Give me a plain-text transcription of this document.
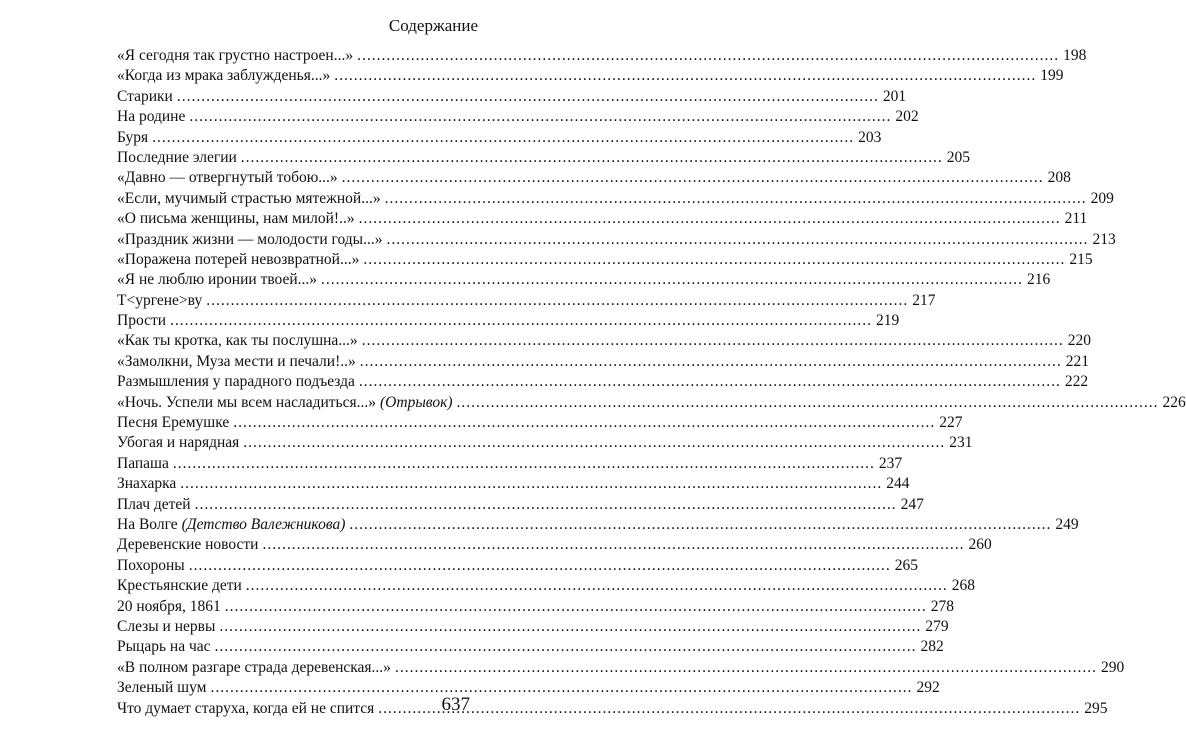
Содержание
«Я сегодня так грустно настроен...» .....	198
«Когда из мрака заблужденья...» .....	199
Старики .....	201
На родине .....	202
Буря .....	203
Последние элегии .....	205
«Давно — отвергнутый тобою...» .....	208
«Если, мучимый страстью мятежной...» .....	209
«О письма женщины, нам милой!..» .....	211
«Праздник жизни — молодости годы...» .....	213
«Поражена потерей невозвратной...» .....	215
«Я не люблю иронии твоей...» .....	216
Т<ургене>ву .....	217
Прости .....	219
«Как ты кротка, как ты послушна...» .....	220
«Замолкни, Муза мести и печали!..» .....	221
Размышления у парадного подъезда .....	222
«Ночь. Успели мы всем насладиться...» (Отрывок) .....	226
Песня Еремушке .....	227
Убогая и нарядная .....	231
Папаша .....	237
Знахарка .....	244
Плач детей .....	247
На Волге (Детство Валежникова) .....	249
Деревенские новости .....	260
Похороны .....	265
Крестьянские дети .....	268
20 ноября, 1861 .....	278
Слезы и нервы .....	279
Рыцарь на час .....	282
«В полном разгаре страда деревенская...» .....	290
Зеленый шум .....	292
Что думает старуха, когда ей не спится .....	295
637
